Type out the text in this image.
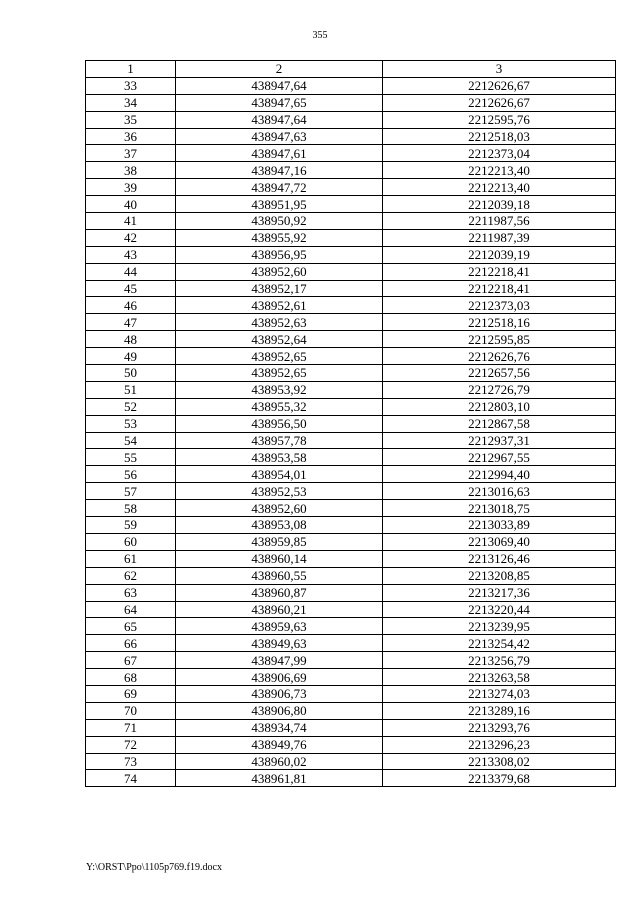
355
1	2	3
33	438947,64	2212626,67
34	438947,65	2212626,67
35	438947,64	2212595,76
36	438947,63	2212518,03
37	438947,61	2212373,04
38	438947,16	2212213,40
39	438947,72	2212213,40
40	438951,95	2212039,18
41	438950,92	2211987,56
42	438955,92	2211987,39
43	438956,95	2212039,19
44	438952,60	2212218,41
45	438952,17	2212218,41
46	438952,61	2212373,03
47	438952,63	2212518,16
48	438952,64	2212595,85
49	438952,65	2212626,76
50	438952,65	2212657,56
51	438953,92	2212726,79
52	438955,32	2212803,10
53	438956,50	2212867,58
54	438957,78	2212937,31
55	438953,58	2212967,55
56	438954,01	2212994,40
57	438952,53	2213016,63
58	438952,60	2213018,75
59	438953,08	2213033,89
60	438959,85	2213069,40
61	438960,14	2213126,46
62	438960,55	2213208,85
63	438960,87	2213217,36
64	438960,21	2213220,44
65	438959,63	2213239,95
66	438949,63	2213254,42
67	438947,99	2213256,79
68	438906,69	2213263,58
69	438906,73	2213274,03
70	438906,80	2213289,16
71	438934,74	2213293,76
72	438949,76	2213296,23
73	438960,02	2213308,02
74	438961,81	2213379,68
Y:\ORST\Ppo\1105p769.f19.docx
